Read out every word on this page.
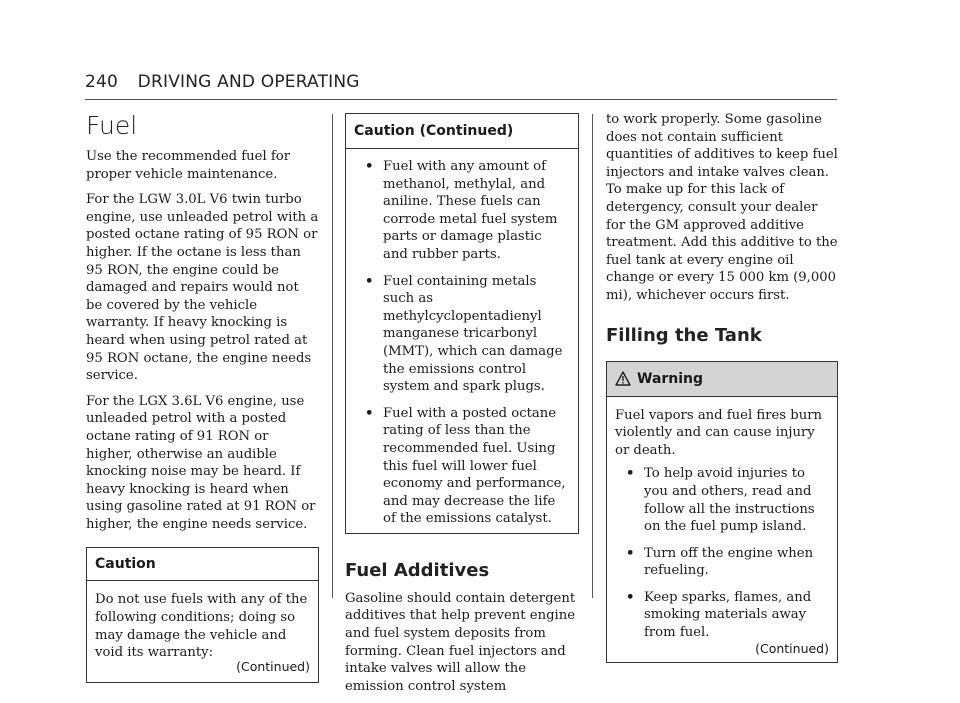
240 DRIVING AND OPERATING
Fuel

Use the recommended fuel for proper vehicle maintenance.

For the LGW 3.0L V6 twin turbo engine, use unleaded petrol with a posted octane rating of 95 RON or higher. If the octane is less than 95 RON, the engine could be damaged and repairs would not be covered by the vehicle warranty. If heavy knocking is heard when using petrol rated at 95 RON octane, the engine needs service.

For the LGX 3.6L V6 engine, use unleaded petrol with a posted octane rating of 91 RON or higher, otherwise an audible knocking noise may be heard. If heavy knocking is heard when using gasoline rated at 91 RON or higher, the engine needs service.

Caution

Do not use fuels with any of the following conditions; doing so may damage the vehicle and void its warranty:

(Continued)
Caution (Continued)
• Fuel with any amount of methanol, methylal, and aniline. These fuels can corrode metal fuel system parts or damage plastic and rubber parts.
• Fuel containing metals such as methylcyclopentadienyl manganese tricarbonyl (MMT), which can damage the emissions control system and spark plugs.
• Fuel with a posted octane rating of less than the recommended fuel. Using this fuel will lower fuel economy and performance, and may decrease the life of the emissions catalyst.
Fuel Additives

Gasoline should contain detergent additives that help prevent engine and fuel system deposits from forming. Clean fuel injectors and intake valves will allow the emission control system

to work properly. Some gasoline does not contain sufficient quantities of additives to keep fuel injectors and intake valves clean. To make up for this lack of detergency, consult your dealer for the GM approved additive treatment. Add this additive to the fuel tank at every engine oil change or every 15 000 km (9,000 mi), whichever occurs first.

Filling the Tank
Warning

Fuel vapors and fuel fires burn violently and can cause injury or death.

• To help avoid injuries to you and others, read and follow all the instructions on the fuel pump island.
• Turn off the engine when refueling.
• Keep sparks, flames, and smoking materials away from fuel.
(Continued)
